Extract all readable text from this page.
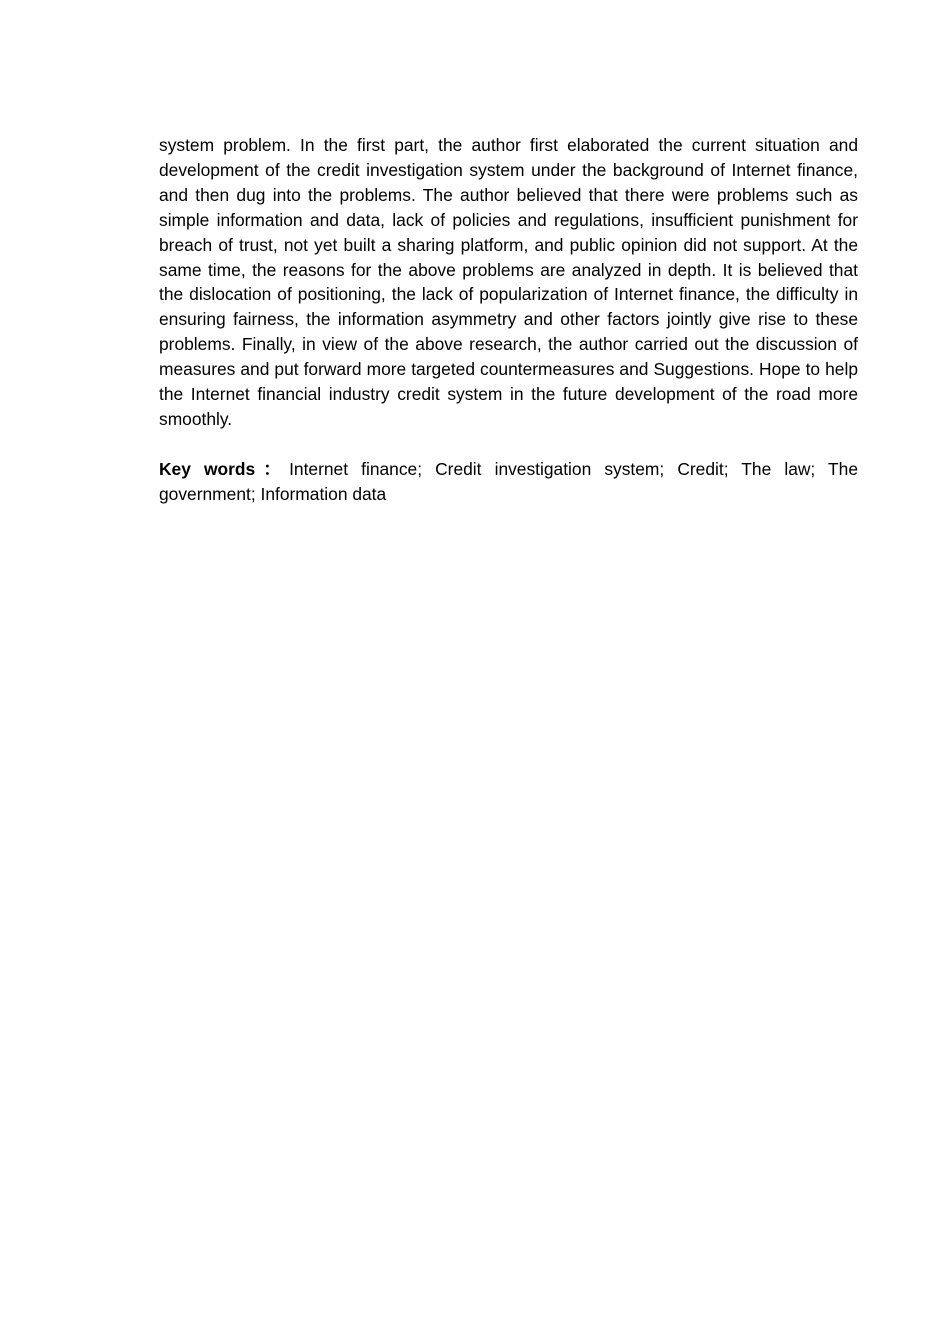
system problem. In the first part, the author first elaborated the current situation and development of the credit investigation system under the background of Internet finance, and then dug into the problems. The author believed that there were problems such as simple information and data, lack of policies and regulations, insufficient punishment for breach of trust, not yet built a sharing platform, and public opinion did not support. At the same time, the reasons for the above problems are analyzed in depth. It is believed that the dislocation of positioning, the lack of popularization of Internet finance, the difficulty in ensuring fairness, the information asymmetry and other factors jointly give rise to these problems. Finally, in view of the above research, the author carried out the discussion of measures and put forward more targeted countermeasures and Suggestions. Hope to help the Internet financial industry credit system in the future development of the road more smoothly.

Key words：Internet finance; Credit investigation system; Credit; The law; The government; Information data
